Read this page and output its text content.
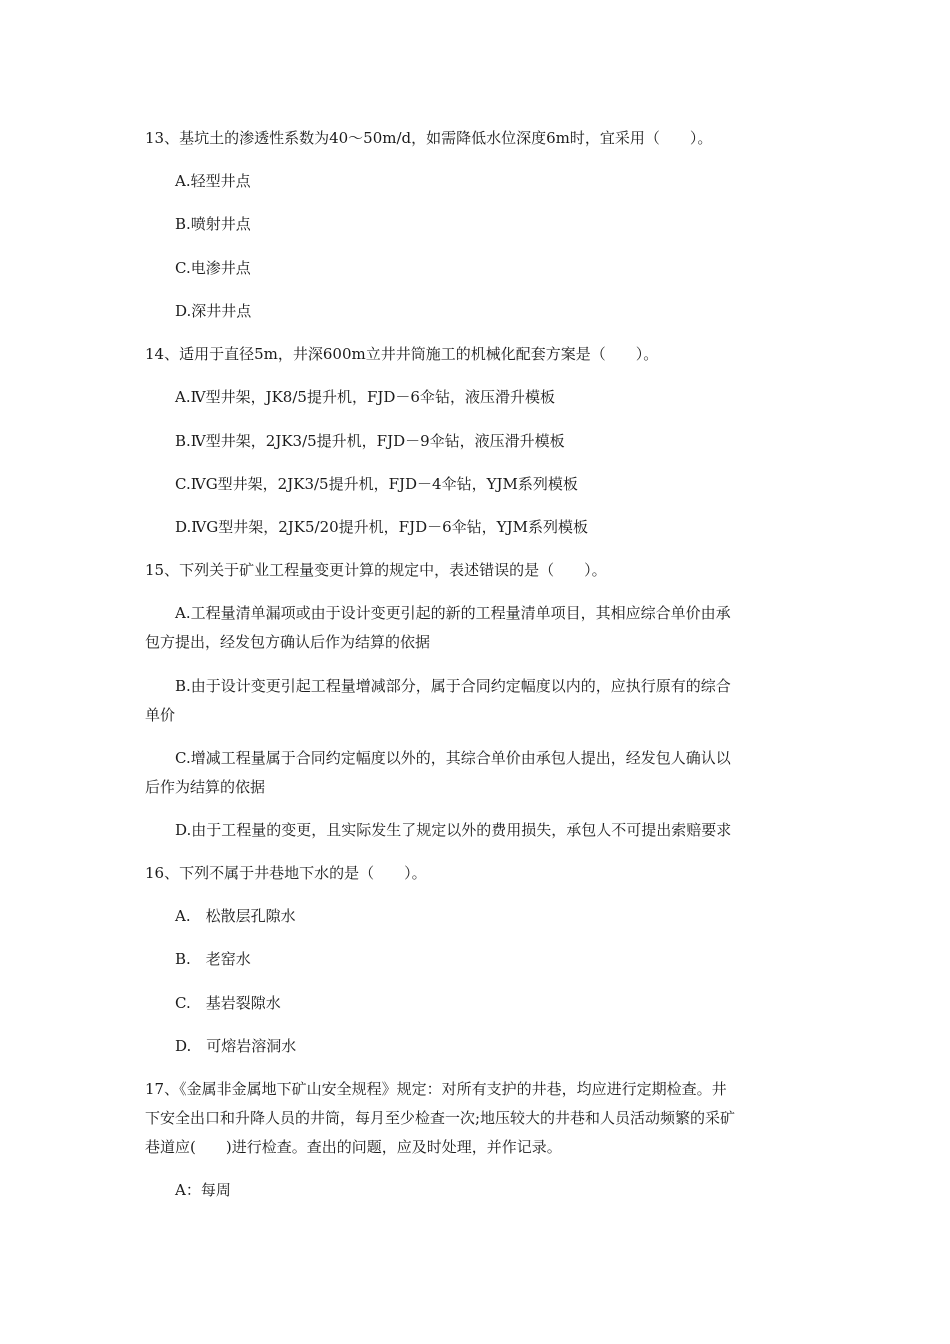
13、基坑土的渗透性系数为40～50m/d，如需降低水位深度6m时，宜采用（　　）。
A.轻型井点
B.喷射井点
C.电渗井点
D.深井井点
14、适用于直径5m，井深600m立井井筒施工的机械化配套方案是（　　）。
A.Ⅳ型井架，JK8/5提升机，FJD－6伞钻，液压滑升模板
B.Ⅳ型井架，2JK3/5提升机，FJD－9伞钻，液压滑升模板
C.ⅣG型井架，2JK3/5提升机，FJD－4伞钻，YJM系列模板
D.ⅣG型井架，2JK5/20提升机，FJD－6伞钻，YJM系列模板
15、下列关于矿业工程量变更计算的规定中，表述错误的是（　　）。
A.工程量清单漏项或由于设计变更引起的新的工程量清单项目，其相应综合单价由承
包方提出，经发包方确认后作为结算的依据
B.由于设计变更引起工程量增减部分，属于合同约定幅度以内的，应执行原有的综合
单价
C.增减工程量属于合同约定幅度以外的，其综合单价由承包人提出，经发包人确认以
后作为结算的依据
D.由于工程量的变更，且实际发生了规定以外的费用损失，承包人不可提出索赔要求
16、下列不属于井巷地下水的是（　　）。
A.　松散层孔隙水
B.　老窑水
C.　基岩裂隙水
D.　可熔岩溶洞水
17、《金属非金属地下矿山安全规程》规定：对所有支护的井巷，均应进行定期检查。井
下安全出口和升降人员的井筒，每月至少检查一次;地压较大的井巷和人员活动频繁的采矿
巷道应(　　)进行检查。查出的问题，应及时处理，并作记录。
A：每周
